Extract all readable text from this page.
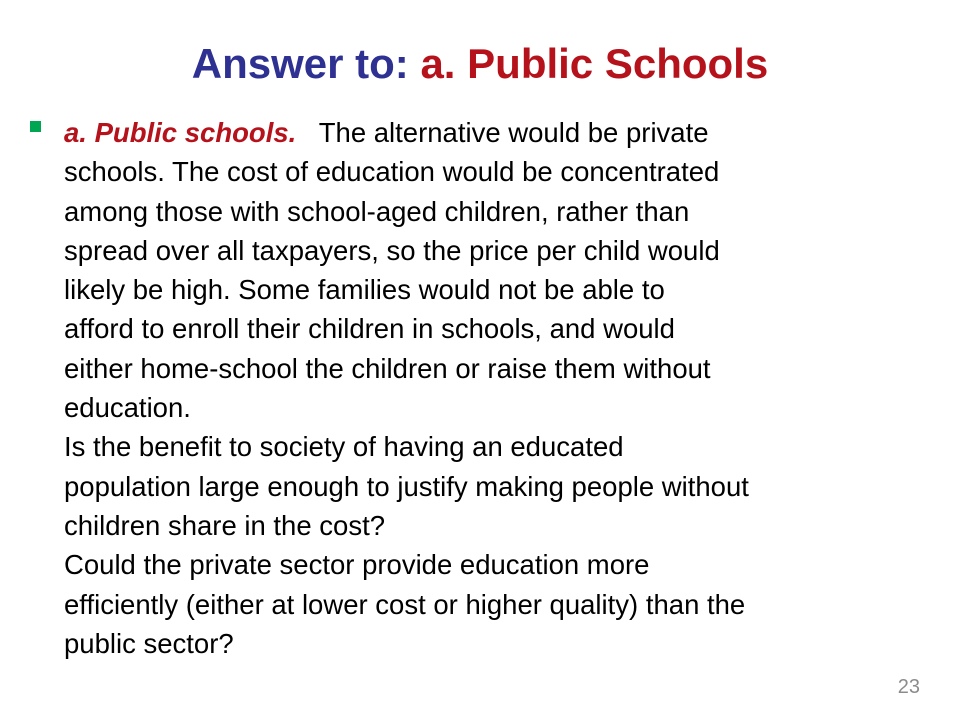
Answer to: a. Public Schools
a. Public schools.   The alternative would be private
schools. The cost of education would be concentrated
among those with school-aged children, rather than
spread over all taxpayers, so the price per child would
likely be high. Some families would not be able to
afford to enroll their children in schools, and would
either home-school the children or raise them without
education.
Is the benefit to society of having an educated
population large enough to justify making people without
children share in the cost?
Could the private sector provide education more
efficiently (either at lower cost or higher quality) than the
public sector?
23
